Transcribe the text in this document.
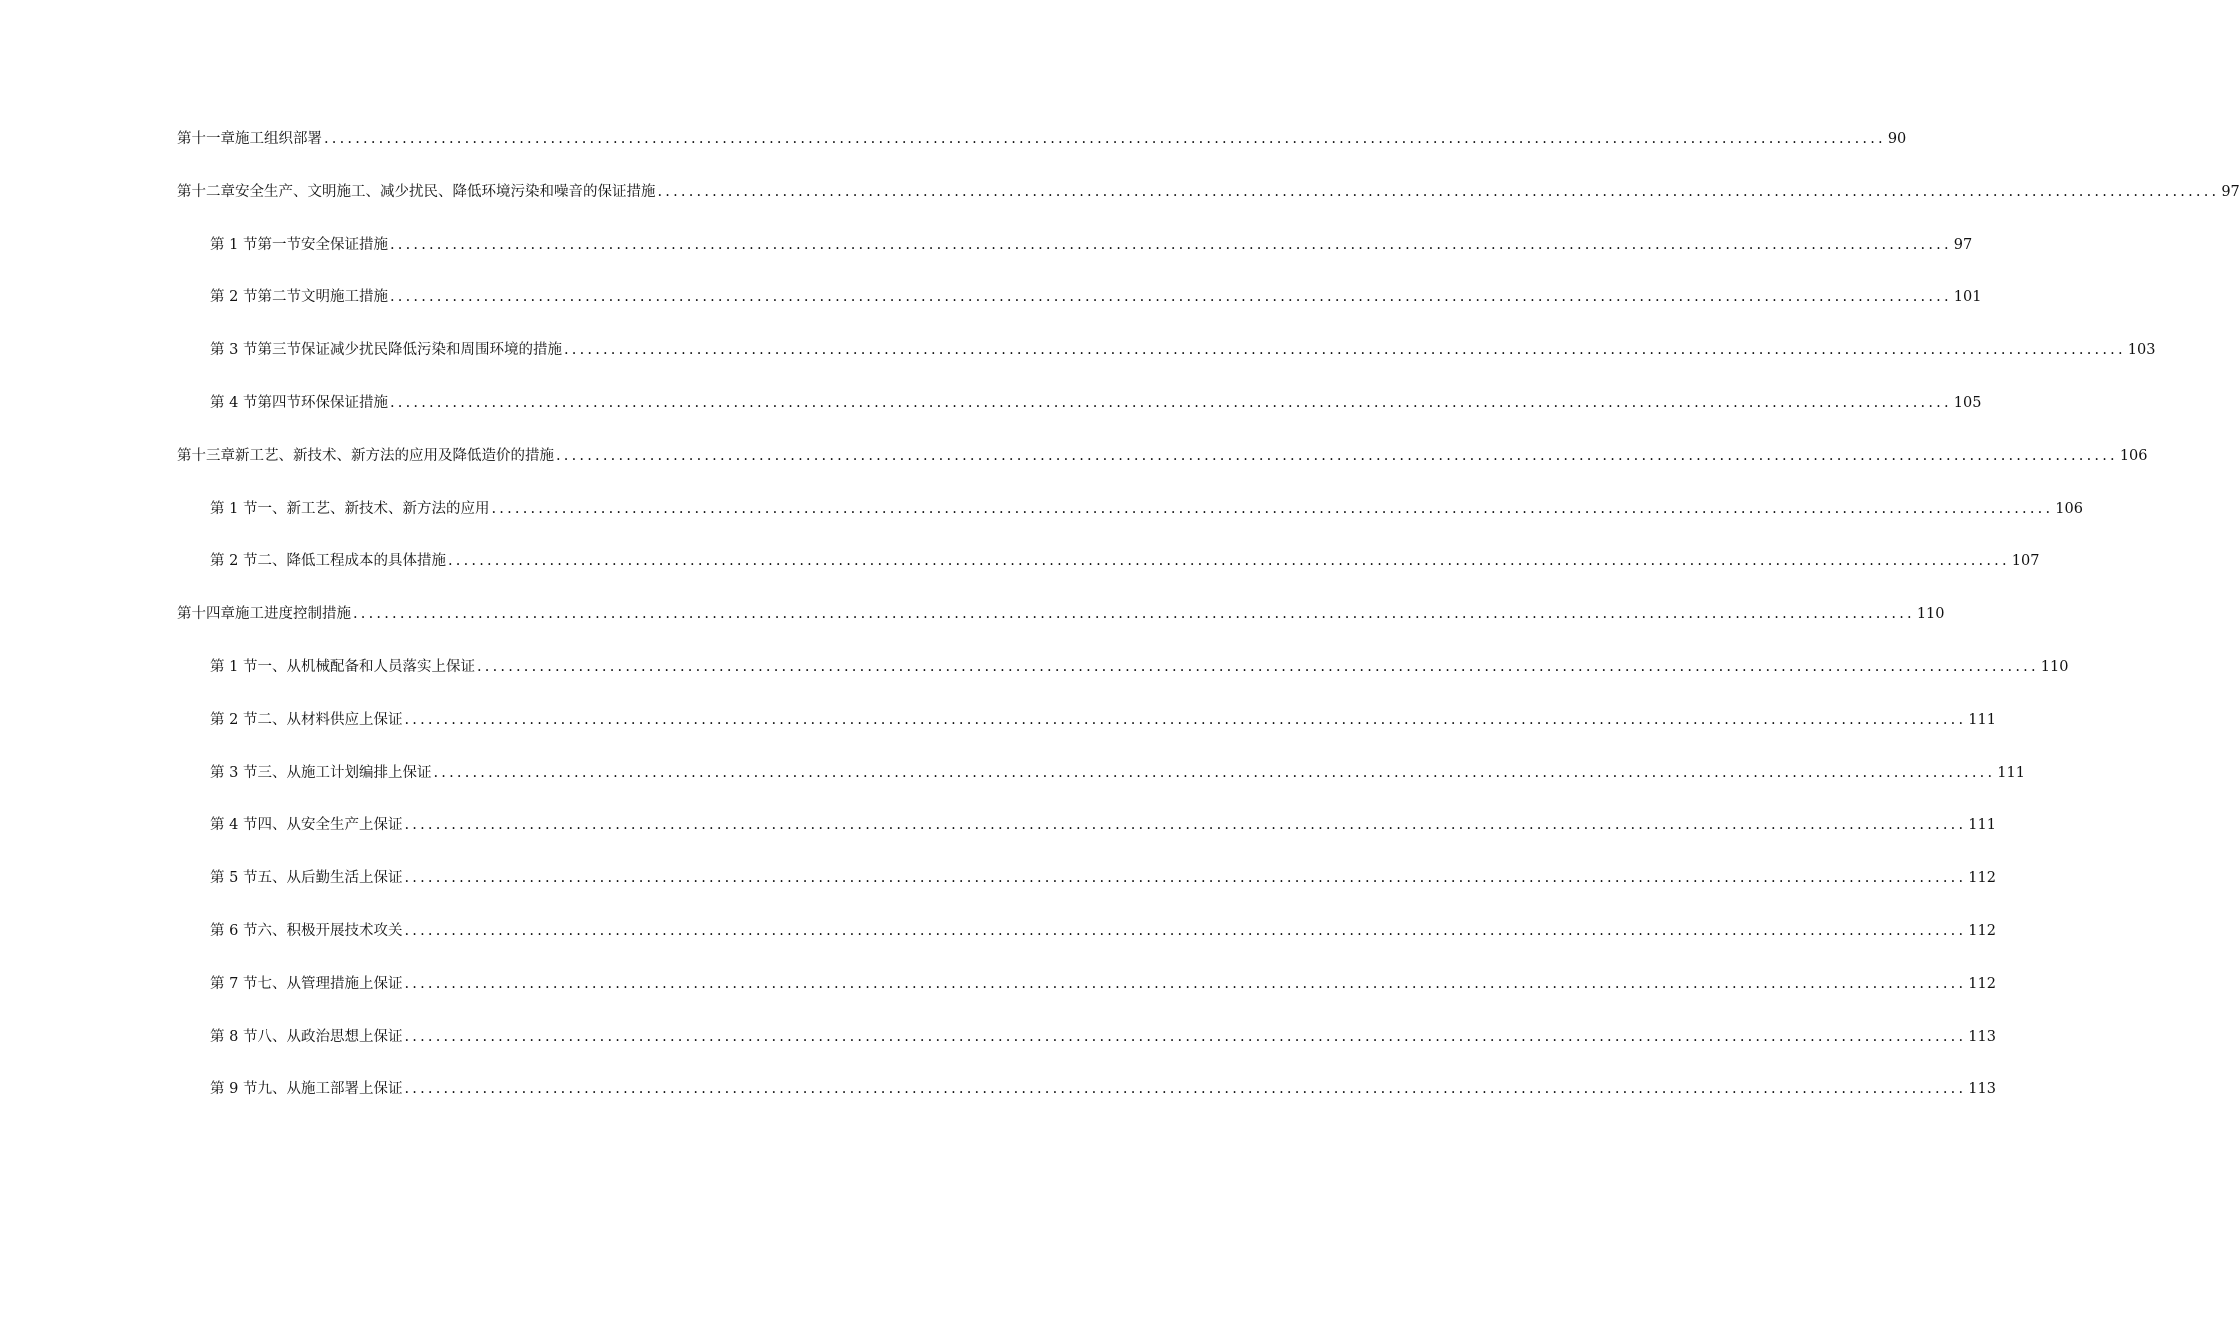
第十一章 施工组织部署 ........................................................................................................................................................................................................ 90
第十二章 安全生产、文明施工、减少扰民、降低环境污染和噪音的保证措施 ........................................................................................................................................................................................................ 97
第 1 节 第一节安全保证措施 ........................................................................................................................................................................................................ 97
第 2 节 第二节文明施工措施 ........................................................................................................................................................................................................ 101
第 3 节 第三节保证减少扰民降低污染和周围环境的措施 ........................................................................................................................................................................................................ 103
第 4 节 第四节环保保证措施 ........................................................................................................................................................................................................ 105
第十三章 新工艺、新技术、新方法的应用及降低造价的措施 ........................................................................................................................................................................................................ 106
第 1 节 一、新工艺、新技术、新方法的应用 ........................................................................................................................................................................................................ 106
第 2 节 二、降低工程成本的具体措施 ........................................................................................................................................................................................................ 107
第十四章 施工进度控制措施 ........................................................................................................................................................................................................ 110
第 1 节 一、从机械配备和人员落实上保证 ........................................................................................................................................................................................................ 110
第 2 节 二、从材料供应上保证 ........................................................................................................................................................................................................ 111
第 3 节 三、从施工计划编排上保证 ........................................................................................................................................................................................................ 111
第 4 节 四、从安全生产上保证 ........................................................................................................................................................................................................ 111
第 5 节 五、从后勤生活上保证 ........................................................................................................................................................................................................ 112
第 6 节 六、积极开展技术攻关 ........................................................................................................................................................................................................ 112
第 7 节 七、从管理措施上保证 ........................................................................................................................................................................................................ 112
第 8 节 八、从政治思想上保证 ........................................................................................................................................................................................................ 113
第 9 节 九、从施工部署上保证 ........................................................................................................................................................................................................ 113
